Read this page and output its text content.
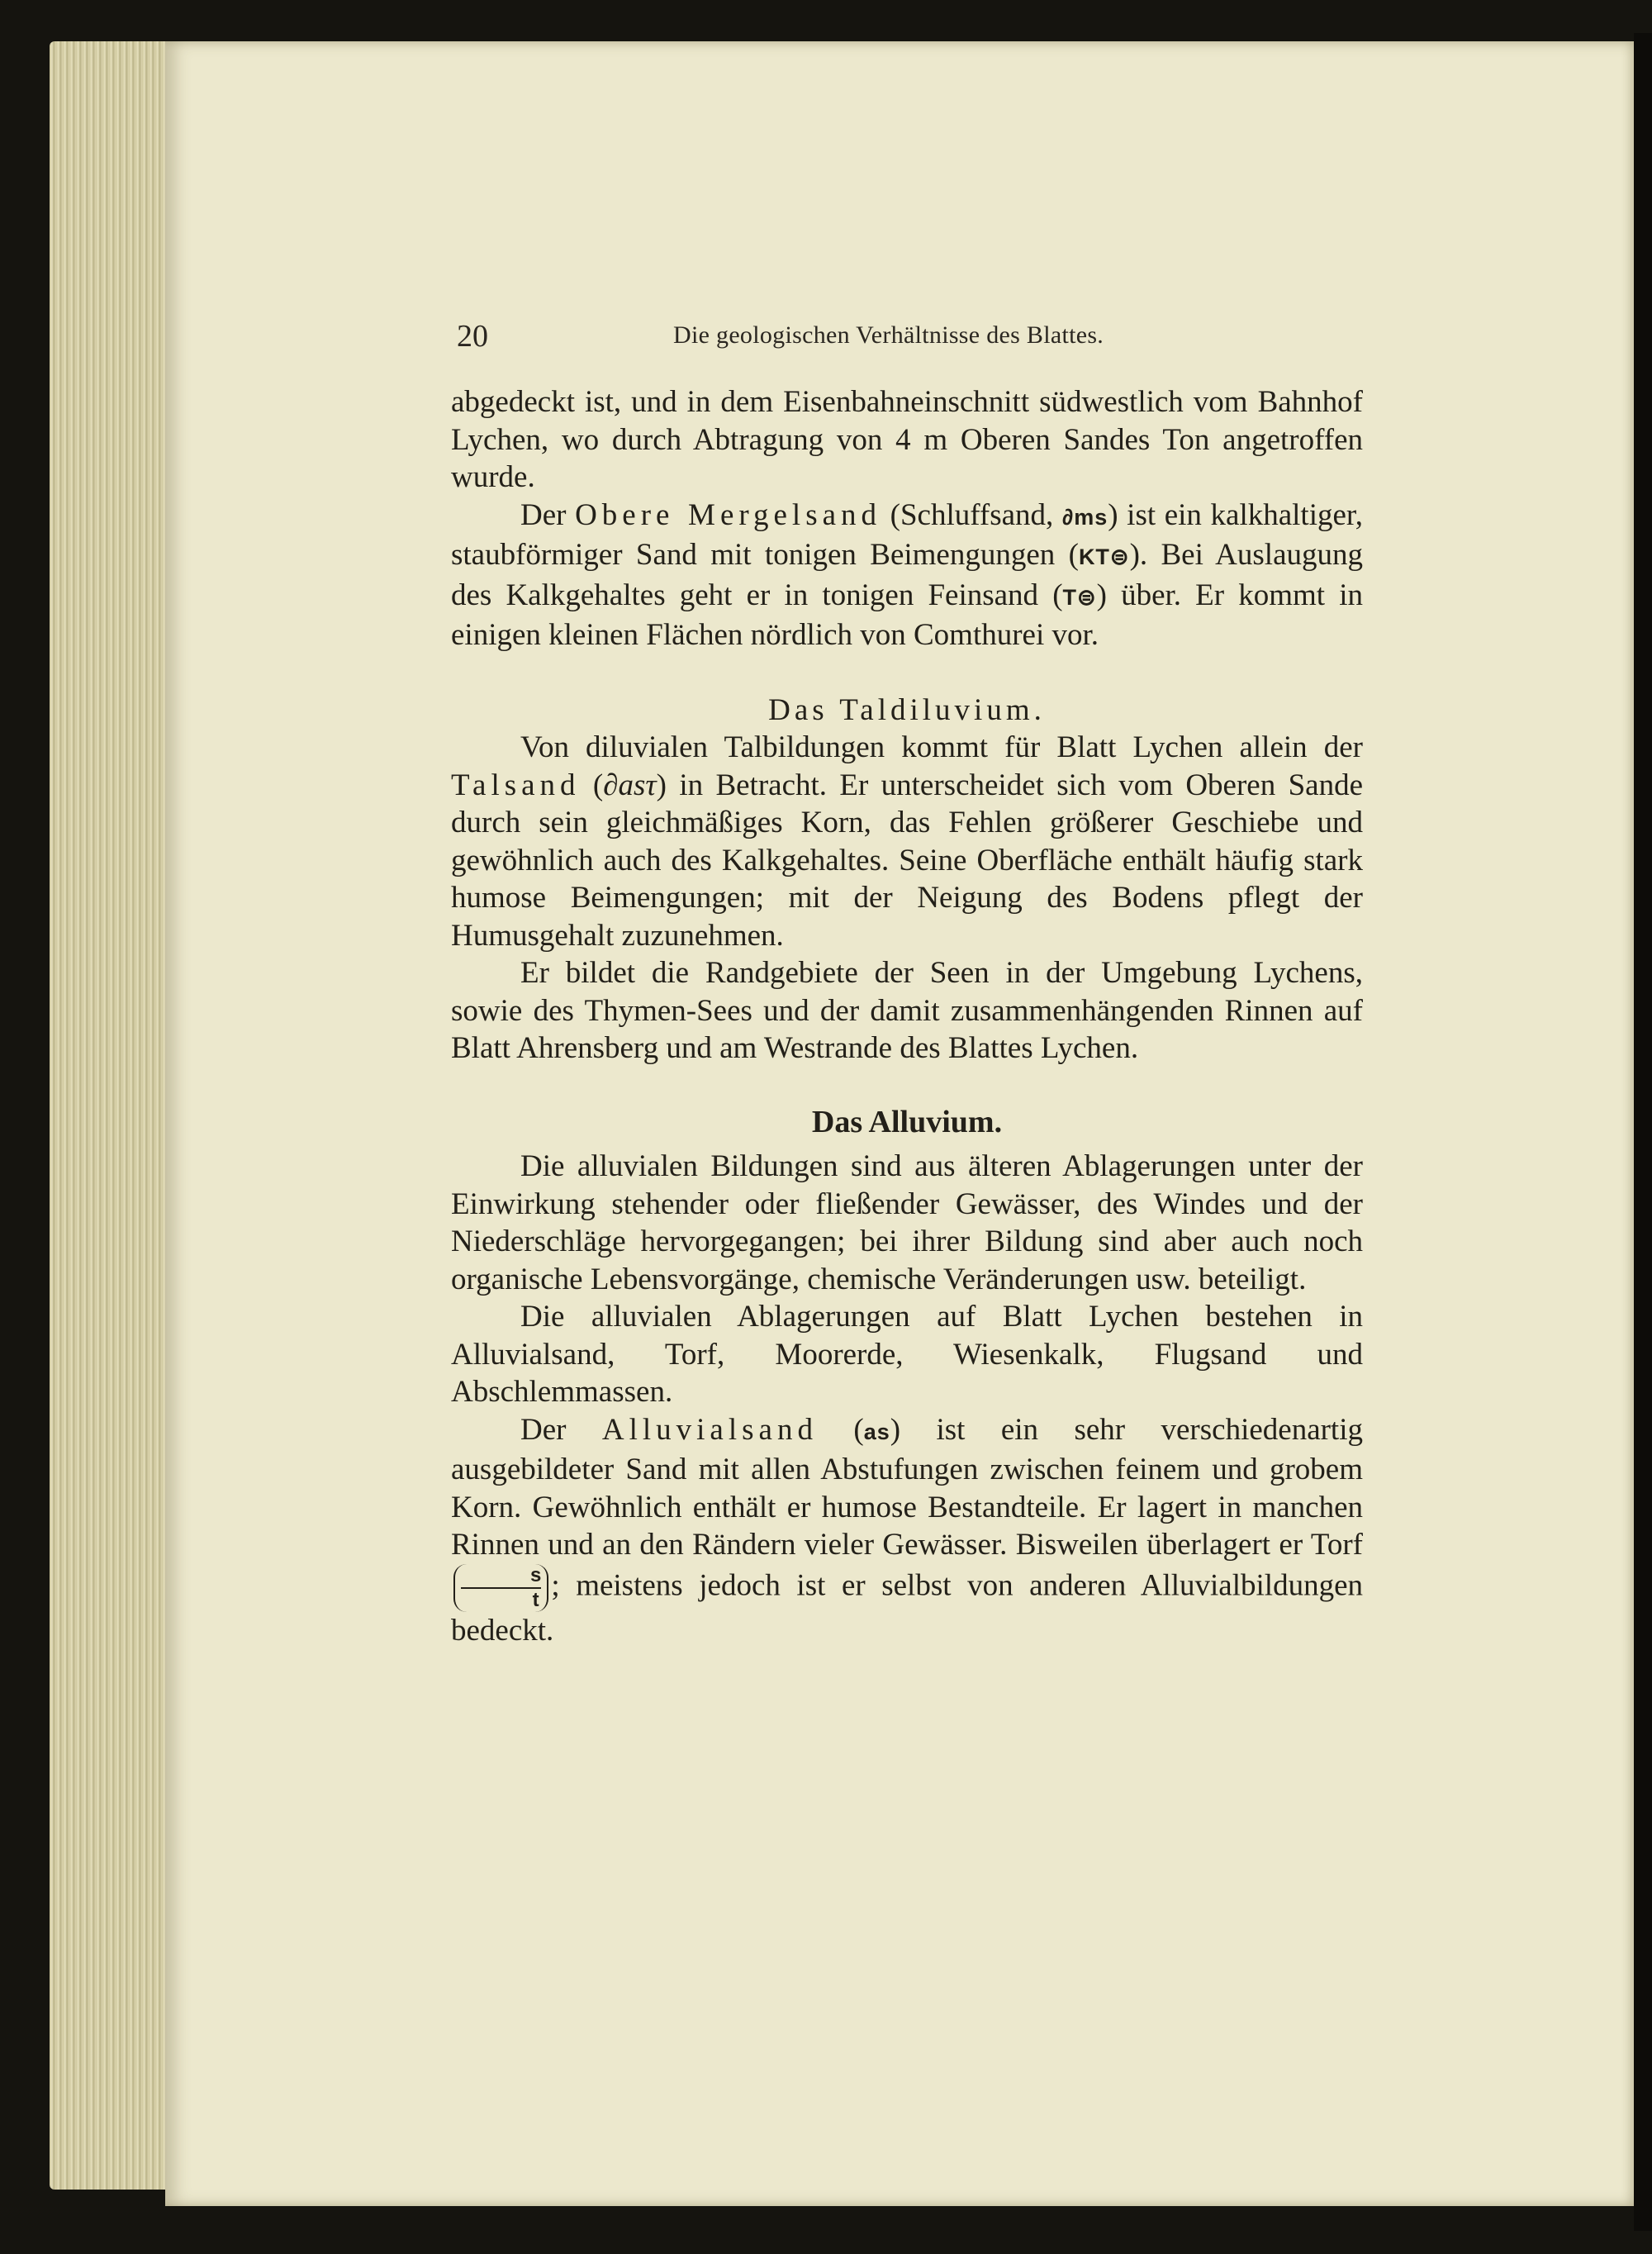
20	Die geologischen Verhältnisse des Blattes.

abgedeckt ist, und in dem Eisenbahneinschnitt südwestlich vom Bahnhof Lychen, wo durch Abtragung von 4 m Oberen Sandes Ton angetroffen wurde.

Der Obere Mergelsand (Schluffsand, ∂ms) ist ein kalkhaltiger, staubförmiger Sand mit tonigen Beimengungen (KT⊜). Bei Auslaugung des Kalkgehaltes geht er in tonigen Feinsand (T⊜) über. Er kommt in einigen kleinen Flächen nördlich von Comthurei vor.

Das Taldiluvium.

Von diluvialen Talbildungen kommt für Blatt Lychen allein der Talsand (∂asτ) in Betracht. Er unterscheidet sich vom Oberen Sande durch sein gleichmäßiges Korn, das Fehlen größerer Geschiebe und gewöhnlich auch des Kalkgehaltes. Seine Oberfläche enthält häufig stark humose Beimengungen; mit der Neigung des Bodens pflegt der Humusgehalt zuzunehmen.

Er bildet die Randgebiete der Seen in der Umgebung Lychens, sowie des Thymen-Sees und der damit zusammenhängenden Rinnen auf Blatt Ahrensberg und am Westrande des Blattes Lychen.

Das Alluvium.

Die alluvialen Bildungen sind aus älteren Ablagerungen unter der Einwirkung stehender oder fließender Gewässer, des Windes und der Niederschläge hervorgegangen; bei ihrer Bildung sind aber auch noch organische Lebensvorgänge, chemische Veränderungen usw. beteiligt.

Die alluvialen Ablagerungen auf Blatt Lychen bestehen in Alluvialsand, Torf, Moorerde, Wiesenkalk, Flugsand und Abschlemmassen.

Der Alluvialsand (as) ist ein sehr verschiedenartig ausgebildeter Sand mit allen Abstufungen zwischen feinem und grobem Korn. Gewöhnlich enthält er humose Bestandteile. Er lagert in manchen Rinnen und an den Rändern vieler Gewässer. Bisweilen überlagert er Torf
$\frac{s}{t}$ ; meistens jedoch ist er selbst von anderen Alluvialbildungen bedeckt.
